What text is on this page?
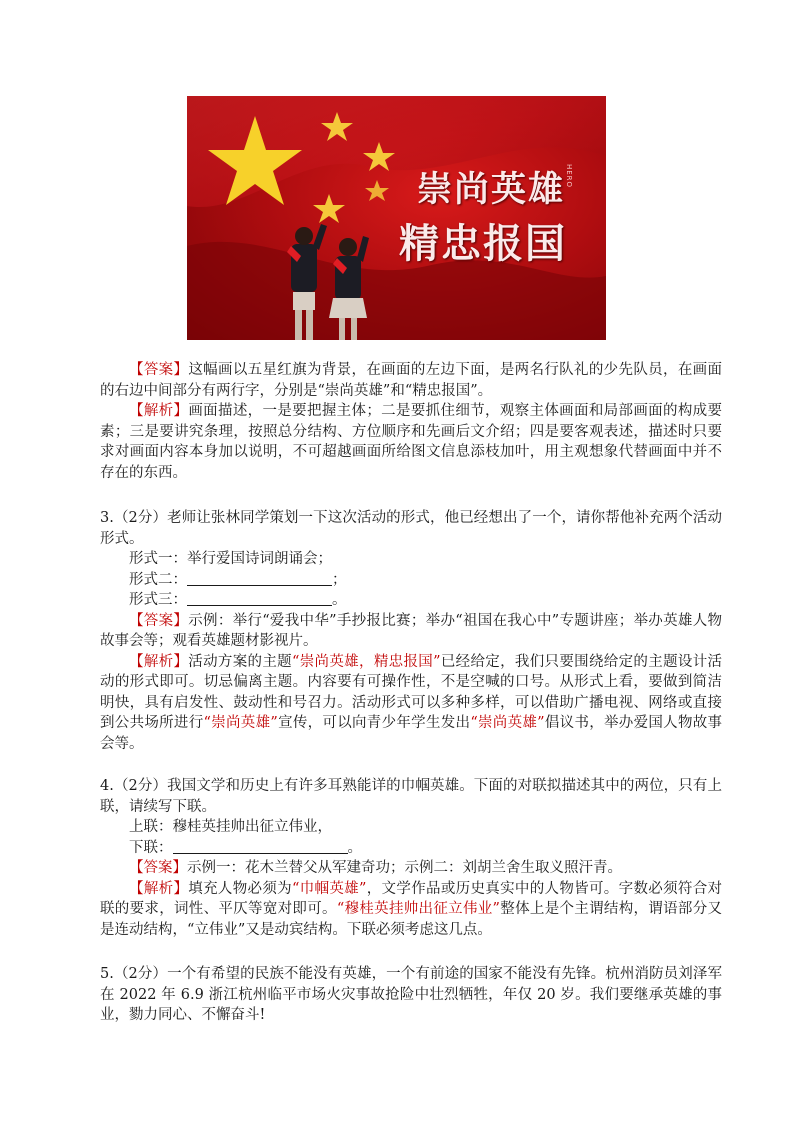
崇尚英雄
精忠报国
HERO

【答案】这幅画以五星红旗为背景，在画面的左边下面，是两名行队礼的少先队员，在画面的右边中间部分有两行字，分别是“崇尚英雄”和“精忠报国”。

【解析】画面描述，一是要把握主体；二是要抓住细节，观察主体画面和局部画面的构成要素；三是要讲究条理，按照总分结构、方位顺序和先画后文介绍；四是要客观表述，描述时只要求对画面内容本身加以说明，不可超越画面所给图文信息添枝加叶，用主观想象代替画面中并不存在的东西。

3.（2分）老师让张林同学策划一下这次活动的形式，他已经想出了一个，请你帮他补充两个活动形式。

形式一：举行爱国诗词朗诵会；

形式二：	；

形式三：	。

【答案】示例：举行“爱我中华”手抄报比赛；举办“祖国在我心中”专题讲座；举办英雄人物故事会等；观看英雄题材影视片。

【解析】活动方案的主题“崇尚英雄，精忠报国”已经给定，我们只要围绕给定的主题设计活动的形式即可。切忌偏离主题。内容要有可操作性，不是空喊的口号。从形式上看，要做到简洁明快，具有启发性、鼓动性和号召力。活动形式可以多种多样，可以借助广播电视、网络或直接到公共场所进行“崇尚英雄”宣传，可以向青少年学生发出“崇尚英雄”倡议书，举办爱国人物故事会等。

4.（2分）我国文学和历史上有许多耳熟能详的巾帼英雄。下面的对联拟描述其中的两位，只有上联，请续写下联。

上联：穆桂英挂帅出征立伟业，

下联：	。

【答案】示例一：花木兰替父从军建奇功；示例二：刘胡兰舍生取义照汗青。

【解析】填充人物必须为“巾帼英雄”，文学作品或历史真实中的人物皆可。字数必须符合对联的要求，词性、平仄等宽对即可。“穆桂英挂帅出征立伟业”整体上是个主谓结构，谓语部分又是连动结构，“立伟业”又是动宾结构。下联必须考虑这几点。

5.（2分）一个有希望的民族不能没有英雄，一个有前途的国家不能没有先锋。杭州消防员刘泽军在 2022 年 6.9 浙江杭州临平市场火灾事故抢险中壮烈牺牲，年仅 20 岁。我们要继承英雄的事业，勠力同心、不懈奋斗!
